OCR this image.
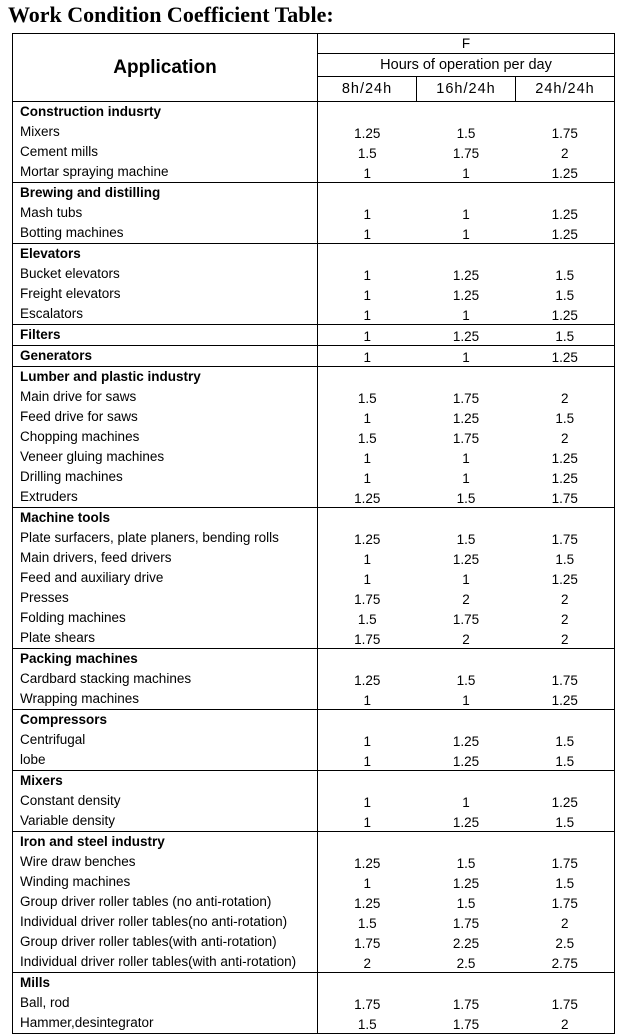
Work Condition Coefficient Table:
Application	F		
	Hours of operation per day		
	8h/24h	16h/24h	24h/24h
Construction indusrty			
Mixers	1.25	1.5	1.75
Cement mills	1.5	1.75	2
Mortar spraying machine	1	1	1.25
Brewing and distilling			
Mash tubs	1	1	1.25
Botting machines	1	1	1.25
Elevators			
Bucket elevators	1	1.25	1.5
Freight elevators	1	1.25	1.5
Escalators	1	1	1.25
Filters	1	1.25	1.5
Generators	1	1	1.25
Lumber and plastic industry			
Main drive for saws	1.5	1.75	2
Feed drive for saws	1	1.25	1.5
Chopping machines	1.5	1.75	2
Veneer gluing machines	1	1	1.25
Drilling machines	1	1	1.25
Extruders	1.25	1.5	1.75
Machine tools			
Plate surfacers, plate planers, bending rolls	1.25	1.5	1.75
Main drivers, feed drivers	1	1.25	1.5
Feed and auxiliary drive	1	1	1.25
Presses	1.75	2	2
Folding machines	1.5	1.75	2
Plate shears	1.75	2	2
Packing machines			
Cardbard stacking machines	1.25	1.5	1.75
Wrapping machines	1	1	1.25
Compressors			
Centrifugal	1	1.25	1.5
lobe	1	1.25	1.5
Mixers			
Constant density	1	1	1.25
Variable density	1	1.25	1.5
Iron and steel industry			
Wire draw benches	1.25	1.5	1.75
Winding machines	1	1.25	1.5
Group driver roller tables (no anti-rotation)	1.25	1.5	1.75
Individual driver roller tables(no anti-rotation)	1.5	1.75	2
Group driver roller tables(with anti-rotation)	1.75	2.25	2.5
Individual driver roller tables(with anti-rotation)	2	2.5	2.75
Mills			
Ball, rod	1.75	1.75	1.75
Hammer,desintegrator	1.5	1.75	2
